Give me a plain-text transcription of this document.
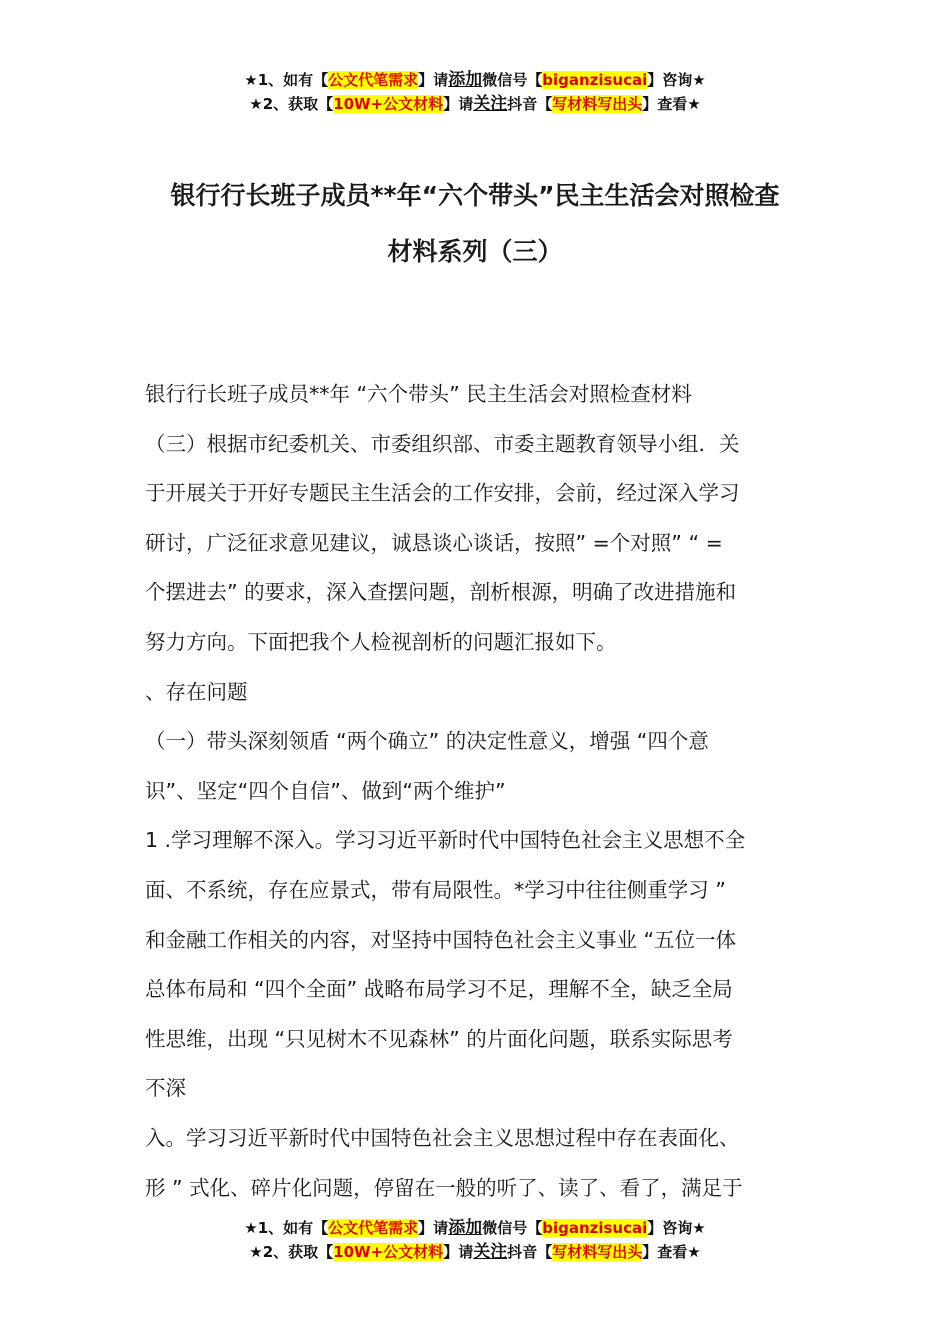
★1、如有【公文代笔需求】请添加微信号【biganzisucai】咨询★
★2、获取【10W+公文材料】请关注抖音【写材料写出头】查看★
银行行长班子成员**年“六个带头”民主生活会对照检查
材料系列（三）

银行行长班子成员**年 “六个带头” 民主生活会对照检查材料

（三）根据市纪委机关、市委组织部、市委主题教育领导小组．关

于开展关于开好专题民主生活会的工作安排，会前，经过深入学习

研讨，广泛征求意见建议，诚恳谈心谈话，按照” =个对照” “ =

个摆进去” 的要求，深入查摆问题，剖析根源，明确了改进措施和

努力方向。下面把我个人检视剖析的问题汇报如下。

、存在问题

（一）带头深刻领盾 “两个确立” 的决定性意义，增强 “四个意

识”、坚定“四个自信”、做到“两个维护”

1 .学习理解不深入。学习习近平新时代中国特色社会主义思想不全

面、不系统，存在应景式，带有局限性。*学习中往往侧重学习 ”

和金融工作相关的内容，对坚持中国特色社会主义事业 “五位一体

总体布局和 “四个全面” 战略布局学习不足，理解不全，缺乏全局

性思维，出现 “只见树木不见森林” 的片面化问题，联系实际思考

不深

入。学习习近平新时代中国特色社会主义思想过程中存在表面化、

形 ” 式化、碎片化问题，停留在一般的听了、读了、看了，满足于

★1、如有【公文代笔需求】请添加微信号【biganzisucai】咨询★
★2、获取【10W+公文材料】请关注抖音【写材料写出头】查看★
